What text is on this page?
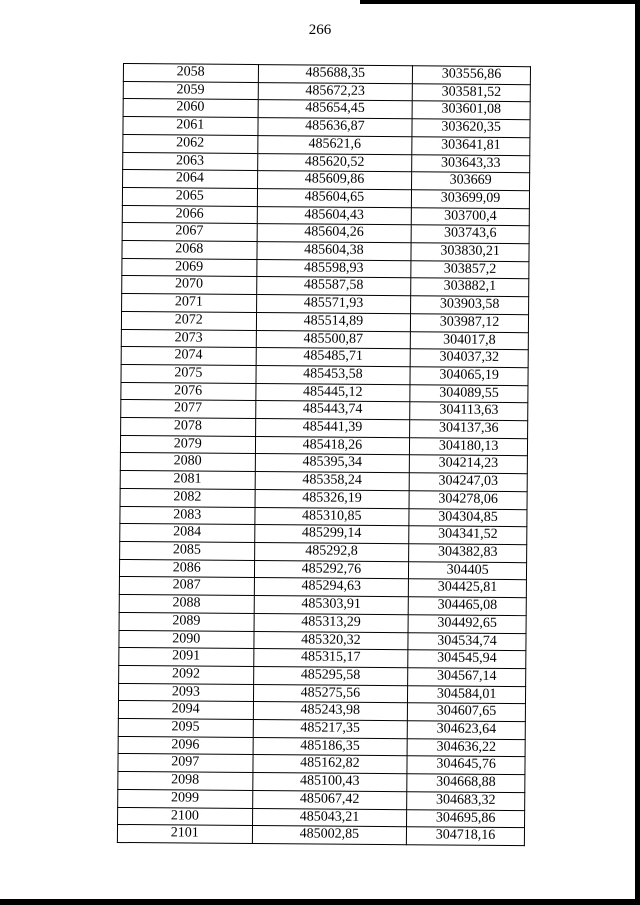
266
2058	485688,35	303556,86
2059	485672,23	303581,52
2060	485654,45	303601,08
2061	485636,87	303620,35
2062	485621,6	303641,81
2063	485620,52	303643,33
2064	485609,86	303669
2065	485604,65	303699,09
2066	485604,43	303700,4
2067	485604,26	303743,6
2068	485604,38	303830,21
2069	485598,93	303857,2
2070	485587,58	303882,1
2071	485571,93	303903,58
2072	485514,89	303987,12
2073	485500,87	304017,8
2074	485485,71	304037,32
2075	485453,58	304065,19
2076	485445,12	304089,55
2077	485443,74	304113,63
2078	485441,39	304137,36
2079	485418,26	304180,13
2080	485395,34	304214,23
2081	485358,24	304247,03
2082	485326,19	304278,06
2083	485310,85	304304,85
2084	485299,14	304341,52
2085	485292,8	304382,83
2086	485292,76	304405
2087	485294,63	304425,81
2088	485303,91	304465,08
2089	485313,29	304492,65
2090	485320,32	304534,74
2091	485315,17	304545,94
2092	485295,58	304567,14
2093	485275,56	304584,01
2094	485243,98	304607,65
2095	485217,35	304623,64
2096	485186,35	304636,22
2097	485162,82	304645,76
2098	485100,43	304668,88
2099	485067,42	304683,32
2100	485043,21	304695,86
2101	485002,85	304718,16
